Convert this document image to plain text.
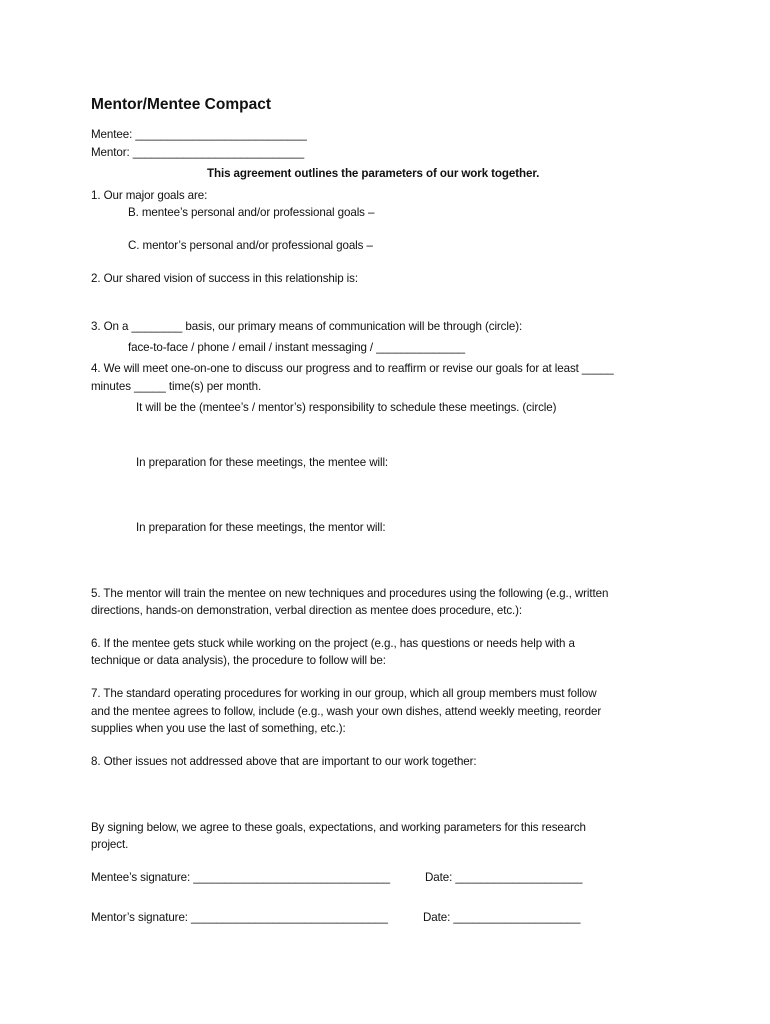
Mentor/Mentee Compact
Mentee: ___________________________
Mentor: ___________________________
This agreement outlines the parameters of our work together.
1. Our major goals are:
B. mentee’s personal and/or professional goals –
C. mentor’s personal and/or professional goals –
2. Our shared vision of success in this relationship is:
3. On a ________ basis, our primary means of communication will be through (circle):
face-to-face / phone / email / instant messaging / ______________
4. We will meet one-on-one to discuss our progress and to reaffirm or revise our goals for at least _____
minutes _____ time(s) per month.
It will be the (mentee’s / mentor’s) responsibility to schedule these meetings. (circle)
In preparation for these meetings, the mentee will:
In preparation for these meetings, the mentor will:
5. The mentor will train the mentee on new techniques and procedures using the following (e.g., written
directions, hands-on demonstration, verbal direction as mentee does procedure, etc.):
6. If the mentee gets stuck while working on the project (e.g., has questions or needs help with a
technique or data analysis), the procedure to follow will be:
7. The standard operating procedures for working in our group, which all group members must follow
and the mentee agrees to follow, include (e.g., wash your own dishes, attend weekly meeting, reorder
supplies when you use the last of something, etc.):
8. Other issues not addressed above that are important to our work together:
By signing below, we agree to these goals, expectations, and working parameters for this research
project.
Mentee’s signature: _______________________________	Date: ____________________
Mentor’s signature: _______________________________	Date: ____________________
